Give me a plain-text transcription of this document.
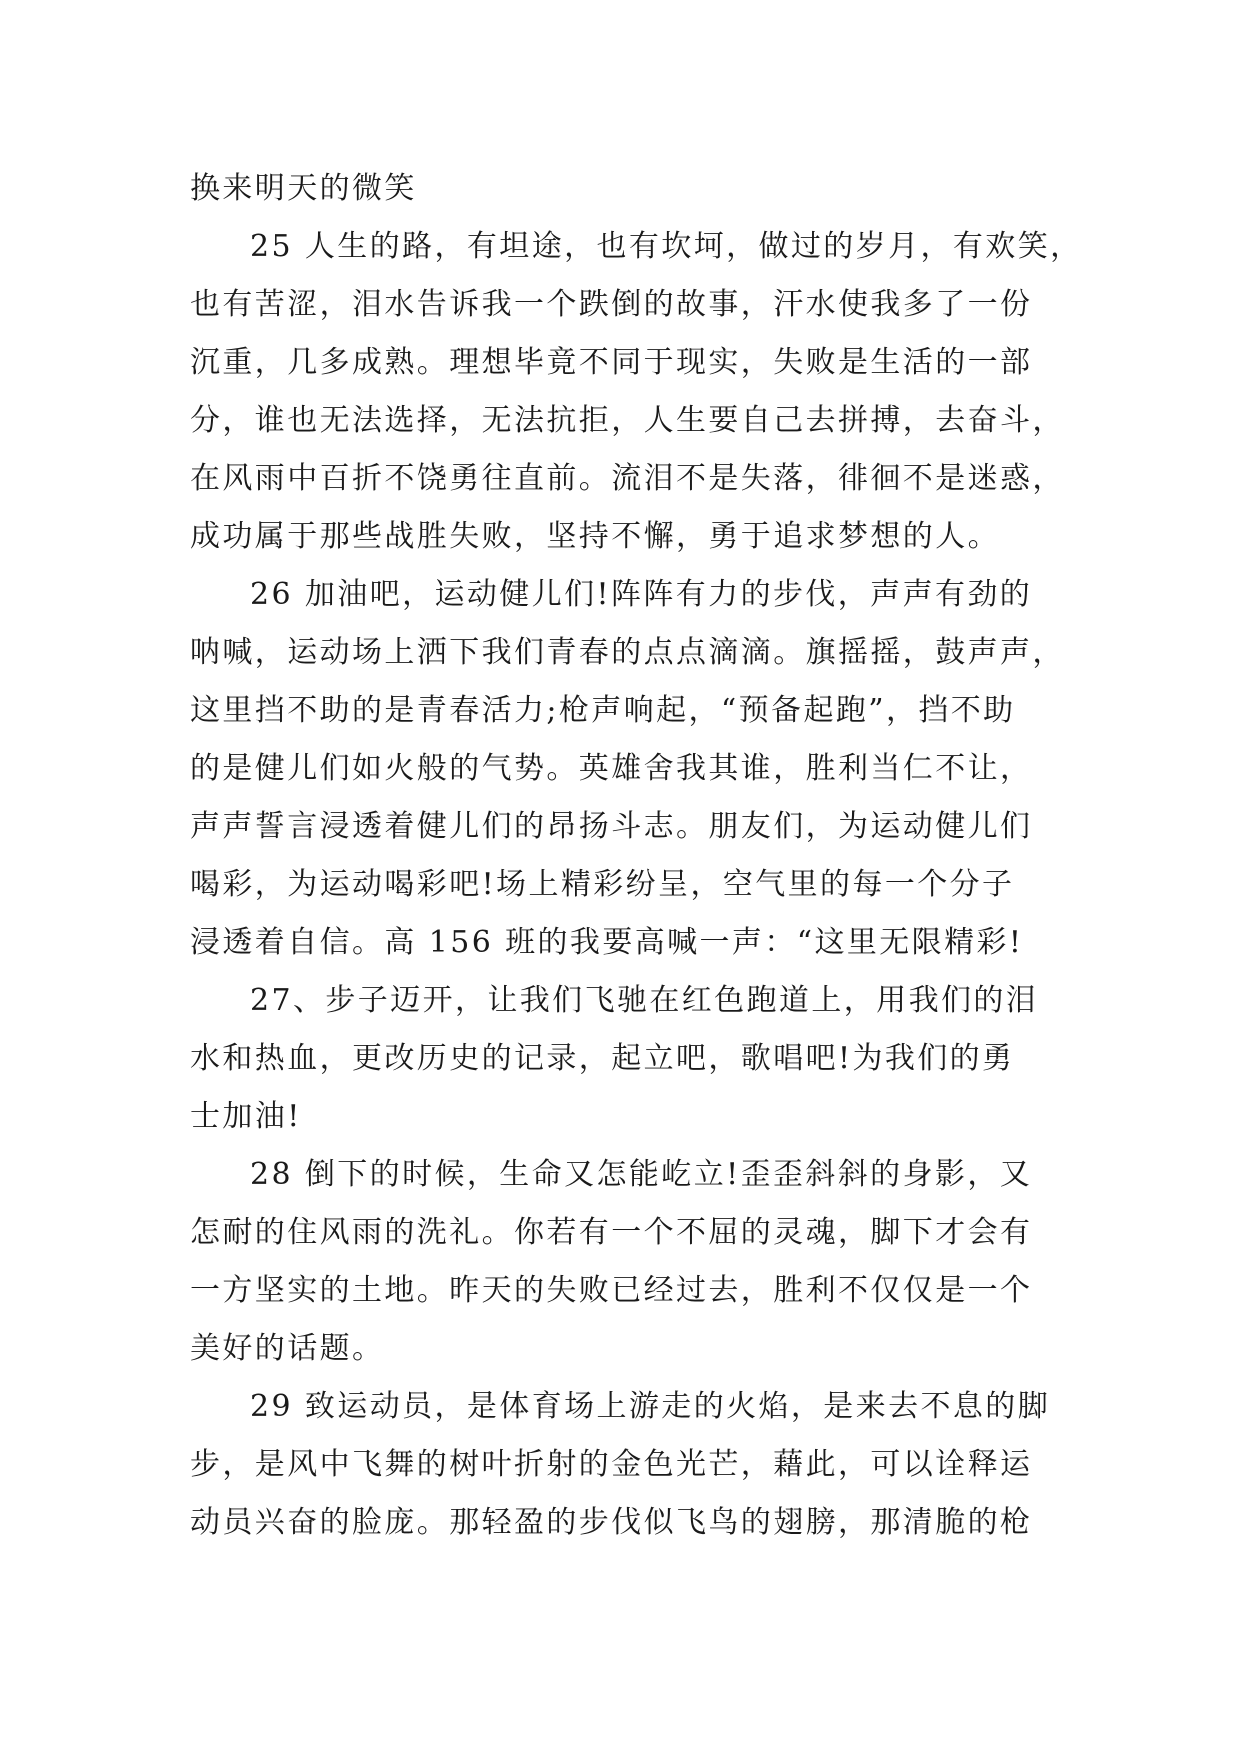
换来明天的微笑

25 人生的路，有坦途，也有坎坷，做过的岁月，有欢笑，
也有苦涩，泪水告诉我一个跌倒的故事，汗水使我多了一份
沉重，几多成熟。理想毕竟不同于现实，失败是生活的一部
分，谁也无法选择，无法抗拒，人生要自己去拼搏，去奋斗，
在风雨中百折不饶勇往直前。流泪不是失落，徘徊不是迷惑，
成功属于那些战胜失败，坚持不懈，勇于追求梦想的人。

26 加油吧，运动健儿们!阵阵有力的步伐，声声有劲的
呐喊，运动场上洒下我们青春的点点滴滴。旗摇摇，鼓声声，
这里挡不助的是青春活力;枪声响起，“预备起跑”，挡不助
的是健儿们如火般的气势。英雄舍我其谁，胜利当仁不让，
声声誓言浸透着健儿们的昂扬斗志。朋友们，为运动健儿们
喝彩，为运动喝彩吧!场上精彩纷呈，空气里的每一个分子
浸透着自信。高 156 班的我要高喊一声：“这里无限精彩!

27、步子迈开，让我们飞驰在红色跑道上，用我们的泪
水和热血，更改历史的记录，起立吧，歌唱吧!为我们的勇
士加油!

28 倒下的时候，生命又怎能屹立!歪歪斜斜的身影，又
怎耐的住风雨的洗礼。你若有一个不屈的灵魂，脚下才会有
一方坚实的土地。昨天的失败已经过去，胜利不仅仅是一个
美好的话题。

29 致运动员，是体育场上游走的火焰，是来去不息的脚
步，是风中飞舞的树叶折射的金色光芒，藉此，可以诠释运
动员兴奋的脸庞。那轻盈的步伐似飞鸟的翅膀，那清脆的枪
